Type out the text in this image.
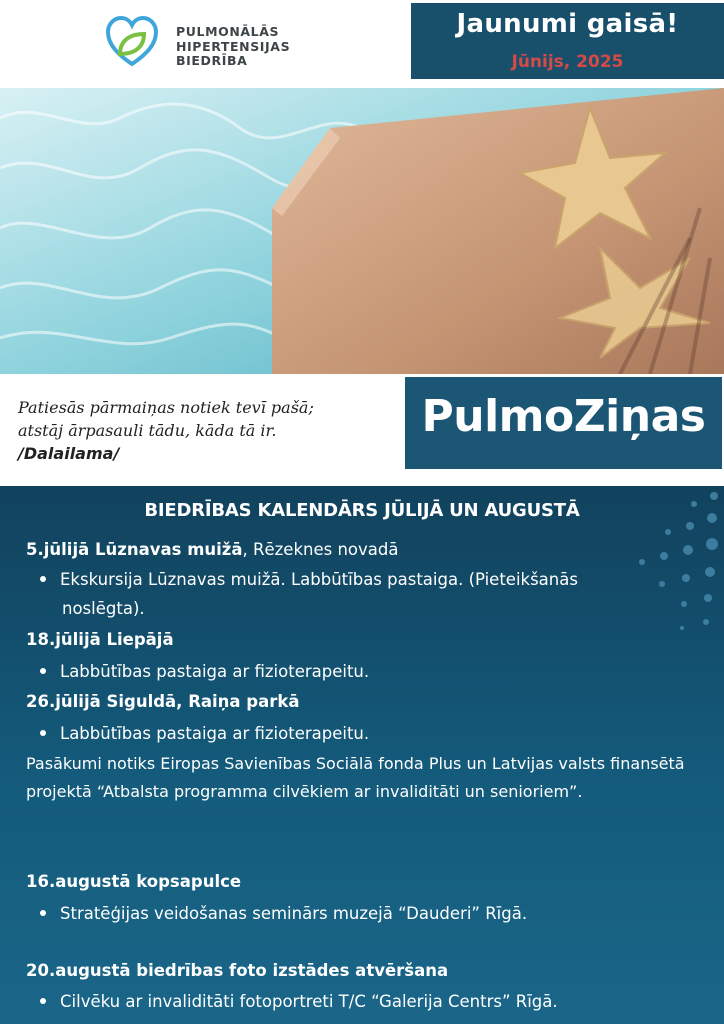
PULMONĀLĀS
HIPERTENSIJAS
BIEDRĪBA
Jaunumi gaisā!
Jūnijs, 2025
Patiesās pārmaiņas notiek tevī pašā;
atstāj ārpasauli tādu, kāda tā ir.
/Dalailama/
PulmoZiņas
BIEDRĪBAS KALENDĀRS JŪLIJĀ UN AUGUSTĀ
5.jūlijā Lūznavas muižā, Rēzeknes novadā
Ekskursija Lūznavas muižā. Labbūtības pastaiga. (Pieteikšanās
noslēgta).
18.jūlijā Liepājā
Labbūtības pastaiga ar fizioterapeitu.
26.jūlijā Siguldā, Raiņa parkā
Labbūtības pastaiga ar fizioterapeitu.
Pasākumi notiks Eiropas Savienības Sociālā fonda Plus un Latvijas valsts finansētā projektā “Atbalsta programma cilvēkiem ar invaliditāti un senioriem”.
16.augustā kopsapulce
Stratēģijas veidošanas seminārs muzejā “Dauderi” Rīgā.
20.augustā biedrības foto izstādes atvēršana
Cilvēku ar invaliditāti fotoportreti T/C “Galerija Centrs” Rīgā.
